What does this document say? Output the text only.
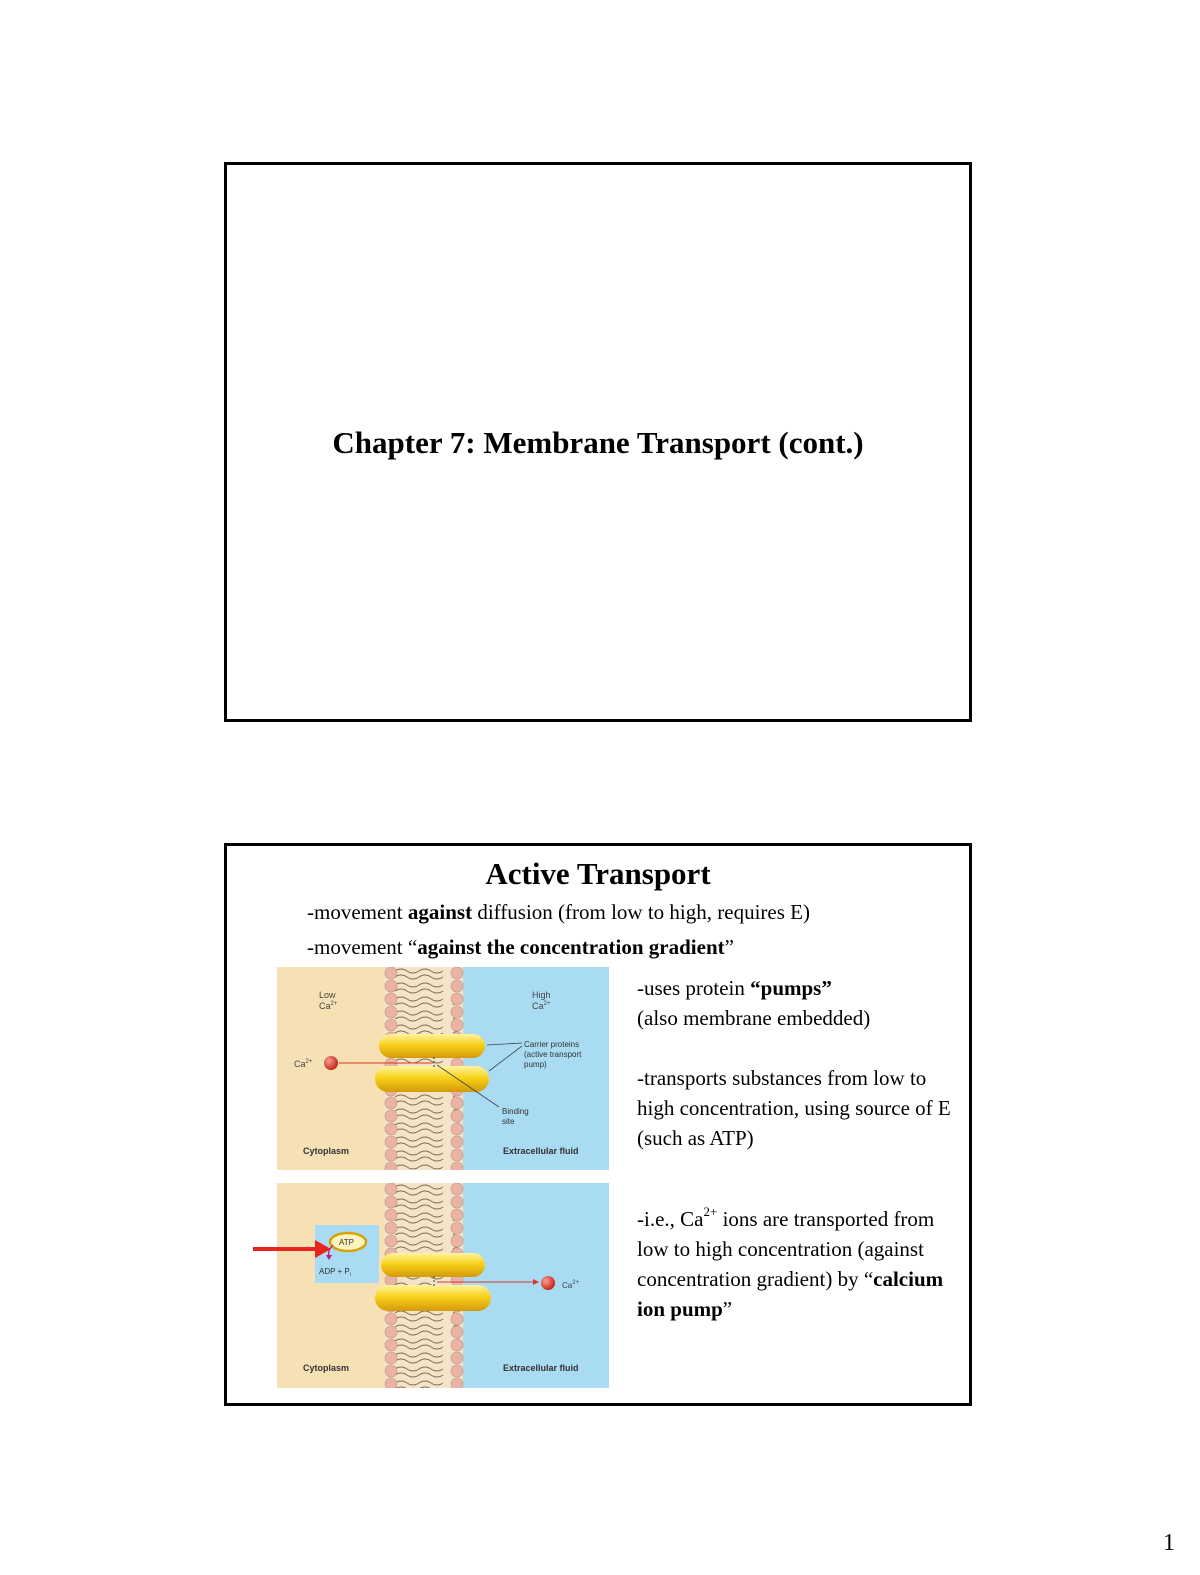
Chapter 7: Membrane Transport (cont.)
Active Transport
-movement against diffusion (from low to high, requires E)
-movement “against the concentration gradient”
Low
$Ca^{2+}$
High
$Ca^{2+}$
$Ca^{2+}$
Carrier proteins
(active transport
pump)
Binding
site
Cytoplasm	Extracellular fluid
ATP
ADP + $P_i$
$Ca^{2+}$
Cytoplasm	Extracellular fluid
-uses protein “pumps”
(also membrane embedded)
-transports substances from low to high concentration, using source of E (such as ATP)
-i.e., $Ca^{2+}$ ions are transported from low to high concentration (against concentration gradient) by “calcium ion pump”
1
